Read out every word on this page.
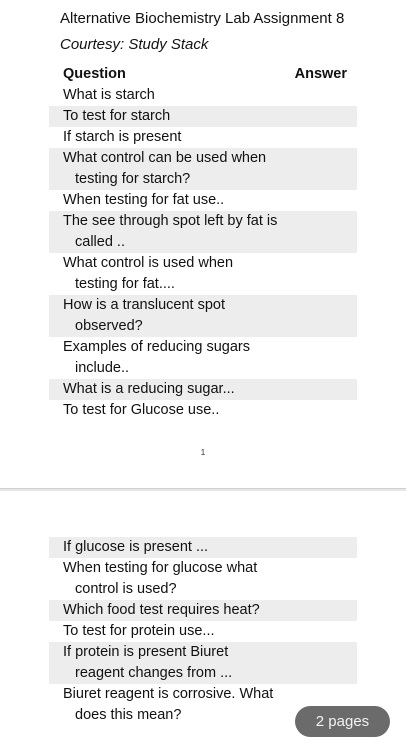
Alternative Biochemistry Lab Assignment 8
Courtesy: Study Stack
Question	Answer
What is starch
To test for starch
If starch is present
What control can be used when
testing for starch?
When testing for fat use..
The see through spot left by fat is
called ..
What control is used when
testing for fat....
How is a translucent spot
observed?
Examples of reducing sugars
include..
What is a reducing sugar...
To test for Glucose use..
1
If glucose is present ...
When testing for glucose what
control is used?
Which food test requires heat?
To test for protein use...
If protein is present Biuret
reagent changes from ...
Biuret reagent is corrosive. What
does this mean?	2 pages
